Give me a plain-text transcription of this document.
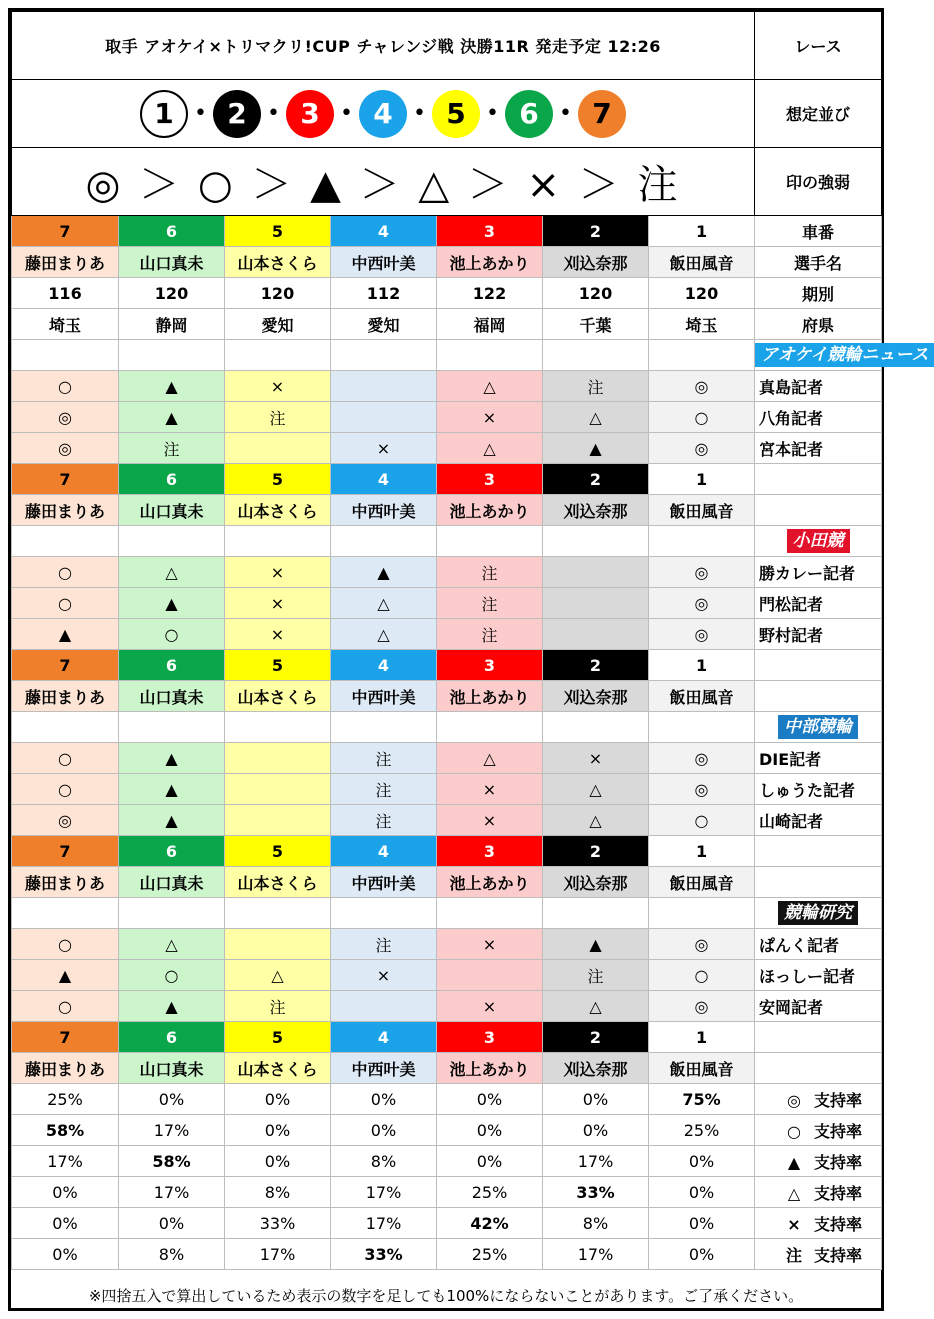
取手 アオケイ×トリマクリ!CUP チャレンジ戦 決勝11R 発走予定 12:26							レース
1 • 2 • 3 • 4 • 5 • 6 • 7							想定並び
◎ ＞ ○ ＞ ▲ ＞ △ ＞ × ＞ 注							印の強弱
7	6	5	4	3	2	1	車番
藤田まりあ	山口真未	山本さくら	中西叶美	池上あかり	刈込奈那	飯田風音	選手名
116	120	120	112	122	120	120	期別
埼玉	静岡	愛知	愛知	福岡	千葉	埼玉	府県
							アオケイ競輪ニュース
○	▲	×		△	注	◎	真島記者
◎	▲	注		×	△	○	八角記者
◎	注		×	△	▲	◎	宮本記者
7	6	5	4	3	2	1	
藤田まりあ	山口真未	山本さくら	中西叶美	池上あかり	刈込奈那	飯田風音	
							小田競
○	△	×	▲	注		◎	勝カレー記者
○	▲	×	△	注		◎	門松記者
▲	○	×	△	注		◎	野村記者
7	6	5	4	3	2	1	
藤田まりあ	山口真未	山本さくら	中西叶美	池上あかり	刈込奈那	飯田風音	
							中部競輪
○	▲		注	△	×	◎	DIE記者
○	▲		注	×	△	◎	しゅうた記者
◎	▲		注	×	△	○	山崎記者
7	6	5	4	3	2	1	
藤田まりあ	山口真未	山本さくら	中西叶美	池上あかり	刈込奈那	飯田風音	
							競輪研究
○	△		注	×	▲	◎	ぱんく記者
▲	○	△	×		注	○	ほっしー記者
○	▲	注		×	△	◎	安岡記者
7	6	5	4	3	2	1	
藤田まりあ	山口真未	山本さくら	中西叶美	池上あかり	刈込奈那	飯田風音	
25%	0%	0%	0%	0%	0%	75%	◎ 支持率
58%	17%	0%	0%	0%	0%	25%	○ 支持率
17%	58%	0%	8%	0%	17%	0%	▲ 支持率
0%	17%	8%	17%	25%	33%	0%	△ 支持率
0%	0%	33%	17%	42%	8%	0%	× 支持率
0%	8%	17%	33%	25%	17%	0%	注 支持率
※四捨五入で算出しているため表示の数字を足しても100%にならないことがあります。ご了承ください。
